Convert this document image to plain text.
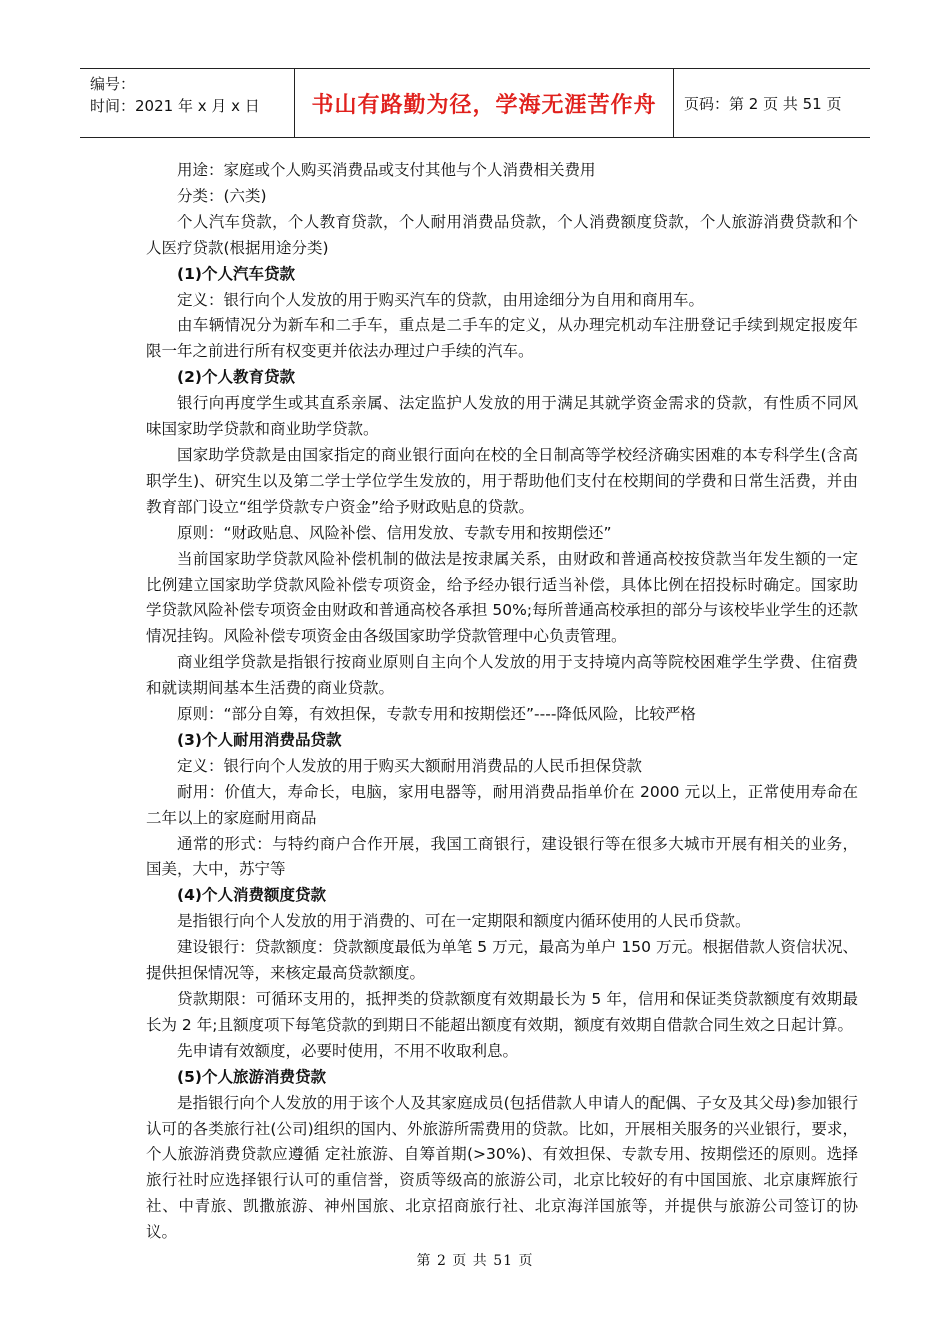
编号：
时间：2021 年 x 月 x 日	书山有路勤为径，学海无涯苦作舟 页码：第 2 页 共 51 页

用途：家庭或个人购买消费品或支付其他与个人消费相关费用

分类：(六类)

个人汽车贷款，个人教育贷款，个人耐用消费品贷款，个人消费额度贷款，个人旅游消费贷款和个人医疗贷款(根据用途分类)

(1)个人汽车贷款

定义：银行向个人发放的用于购买汽车的贷款，由用途细分为自用和商用车。

由车辆情况分为新车和二手车，重点是二手车的定义，从办理完机动车注册登记手续到规定报废年限一年之前进行所有权变更并依法办理过户手续的汽车。

(2)个人教育贷款

银行向再度学生或其直系亲属、法定监护人发放的用于满足其就学资金需求的贷款，有性质不同风味国家助学贷款和商业助学贷款。

国家助学贷款是由国家指定的商业银行面向在校的全日制高等学校经济确实困难的本专科学生(含高职学生)、研究生以及第二学士学位学生发放的，用于帮助他们支付在校期间的学费和日常生活费，并由教育部门设立“组学贷款专户资金”给予财政贴息的贷款。

原则：“财政贴息、风险补偿、信用发放、专款专用和按期偿还”

当前国家助学贷款风险补偿机制的做法是按隶属关系，由财政和普通高校按贷款当年发生额的一定比例建立国家助学贷款风险补偿专项资金，给予经办银行适当补偿，具体比例在招投标时确定。国家助学贷款风险补偿专项资金由财政和普通高校各承担 50%;每所普通高校承担的部分与该校毕业学生的还款情况挂钩。风险补偿专项资金由各级国家助学贷款管理中心负责管理。

商业组学贷款是指银行按商业原则自主向个人发放的用于支持境内高等院校困难学生学费、住宿费和就读期间基本生活费的商业贷款。

原则：“部分自筹，有效担保，专款专用和按期偿还”----降低风险，比较严格

(3)个人耐用消费品贷款

定义：银行向个人发放的用于购买大额耐用消费品的人民币担保贷款

耐用：价值大，寿命长，电脑，家用电器等，耐用消费品指单价在 2000 元以上，正常使用寿命在二年以上的家庭耐用商品

通常的形式：与特约商户合作开展，我国工商银行，建设银行等在很多大城市开展有相关的业务，国美，大中，苏宁等

(4)个人消费额度贷款

是指银行向个人发放的用于消费的、可在一定期限和额度内循环使用的人民币贷款。

建设银行：贷款额度：贷款额度最低为单笔 5 万元，最高为单户 150 万元。根据借款人资信状况、提供担保情况等，来核定最高贷款额度。

贷款期限：可循环支用的，抵押类的贷款额度有效期最长为 5 年，信用和保证类贷款额度有效期最长为 2 年;且额度项下每笔贷款的到期日不能超出额度有效期，额度有效期自借款合同生效之日起计算。

先申请有效额度，必要时使用，不用不收取利息。

(5)个人旅游消费贷款

是指银行向个人发放的用于该个人及其家庭成员(包括借款人申请人的配偶、子女及其父母)参加银行认可的各类旅行社(公司)组织的国内、外旅游所需费用的贷款。比如，开展相关服务的兴业银行，要求， 个人旅游消费贷款应遵循 定社旅游、自筹首期(>30%)、有效担保、专款专用、按期偿还的原则。选择旅行社时应选择银行认可的重信誉，资质等级高的旅游公司，北京比较好的有中国国旅、北京康辉旅行社、中青旅、凯撒旅游、神州国旅、北京招商旅行社、北京海洋国旅等，并提供与旅游公司签订的协议。

第 2 页 共 51 页
